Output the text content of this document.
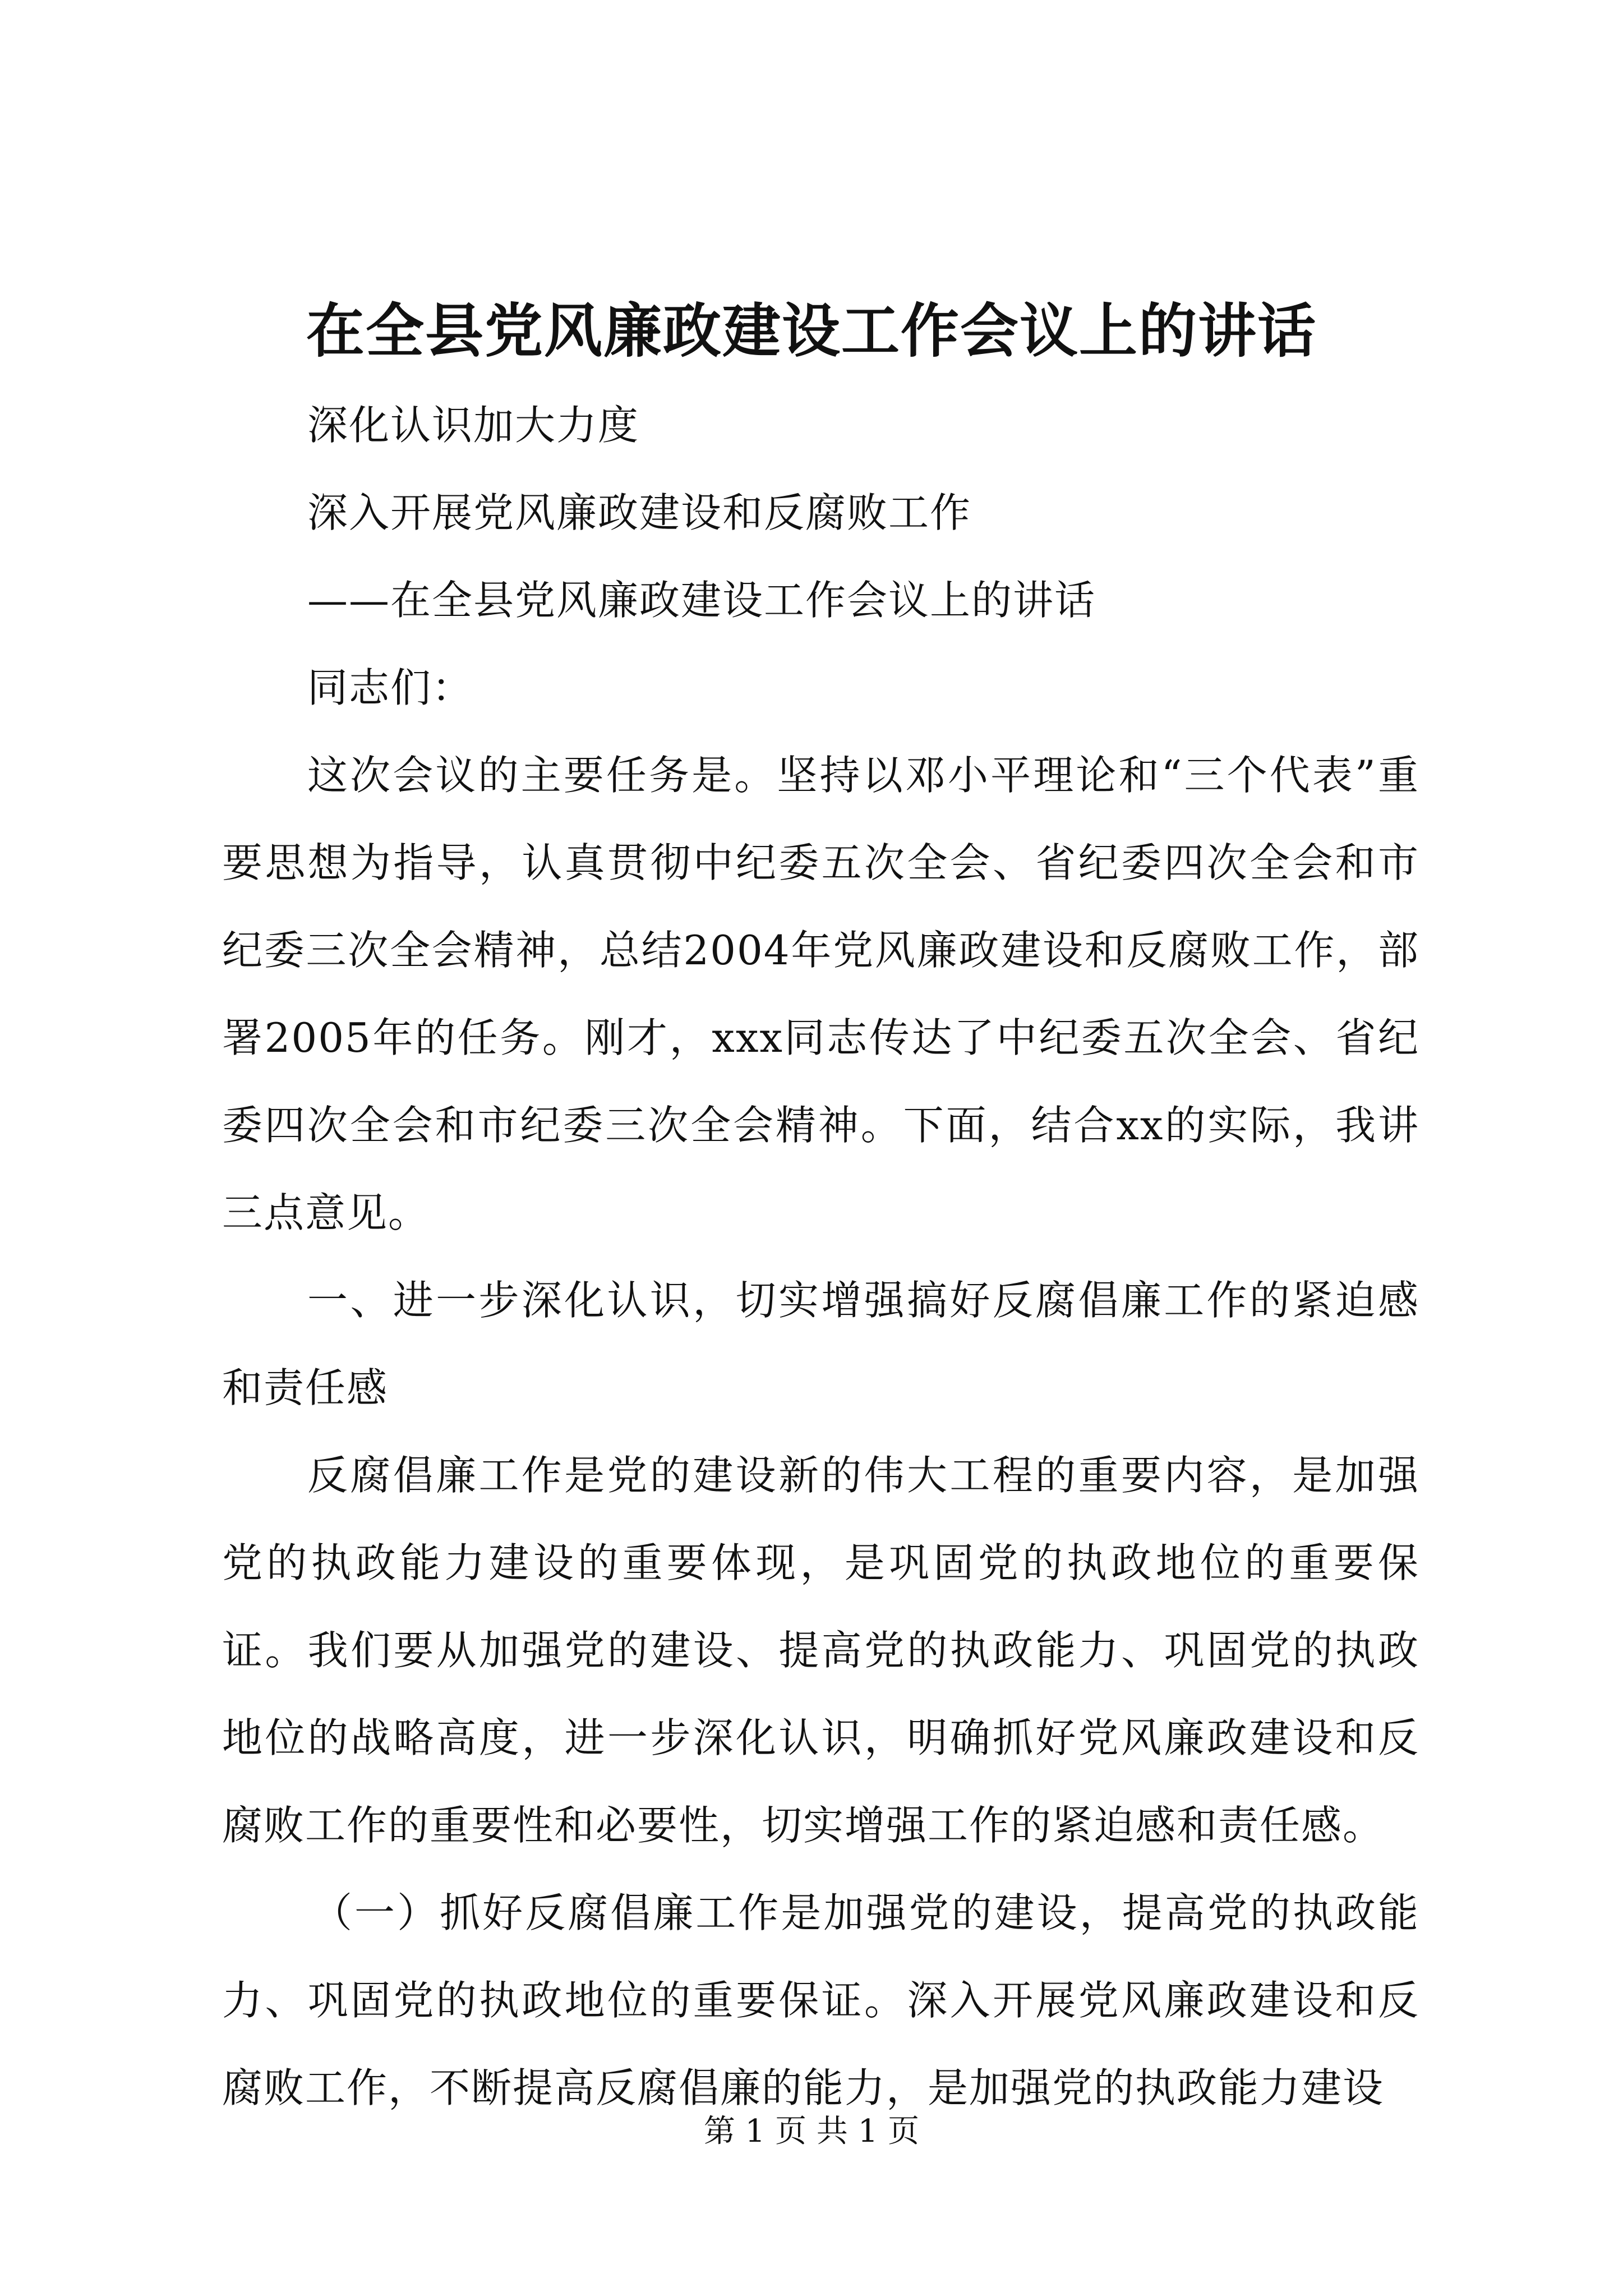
在全县党风廉政建设工作会议上的讲话

深化认识加大力度

深入开展党风廉政建设和反腐败工作

——在全县党风廉政建设工作会议上的讲话

同志们：

这次会议的主要任务是。坚持以邓小平理论和“三个代表”重要思想为指导，认真贯彻中纪委五次全会、省纪委四次全会和市纪委三次全会精神，总结2004年党风廉政建设和反腐败工作，部署2005年的任务。刚才，xxx同志传达了中纪委五次全会、省纪委四次全会和市纪委三次全会精神。下面，结合xx的实际，我讲三点意见。

一、进一步深化认识，切实增强搞好反腐倡廉工作的紧迫感和责任感

反腐倡廉工作是党的建设新的伟大工程的重要内容，是加强党的执政能力建设的重要体现，是巩固党的执政地位的重要保证。我们要从加强党的建设、提高党的执政能力、巩固党的执政地位的战略高度，进一步深化认识，明确抓好党风廉政建设和反腐败工作的重要性和必要性，切实增强工作的紧迫感和责任感。

（一）抓好反腐倡廉工作是加强党的建设，提高党的执政能力、巩固党的执政地位的重要保证。深入开展党风廉政建设和反腐败工作，不断提高反腐倡廉的能力，是加强党的执政能力建设

第 1 页 共 1 页
